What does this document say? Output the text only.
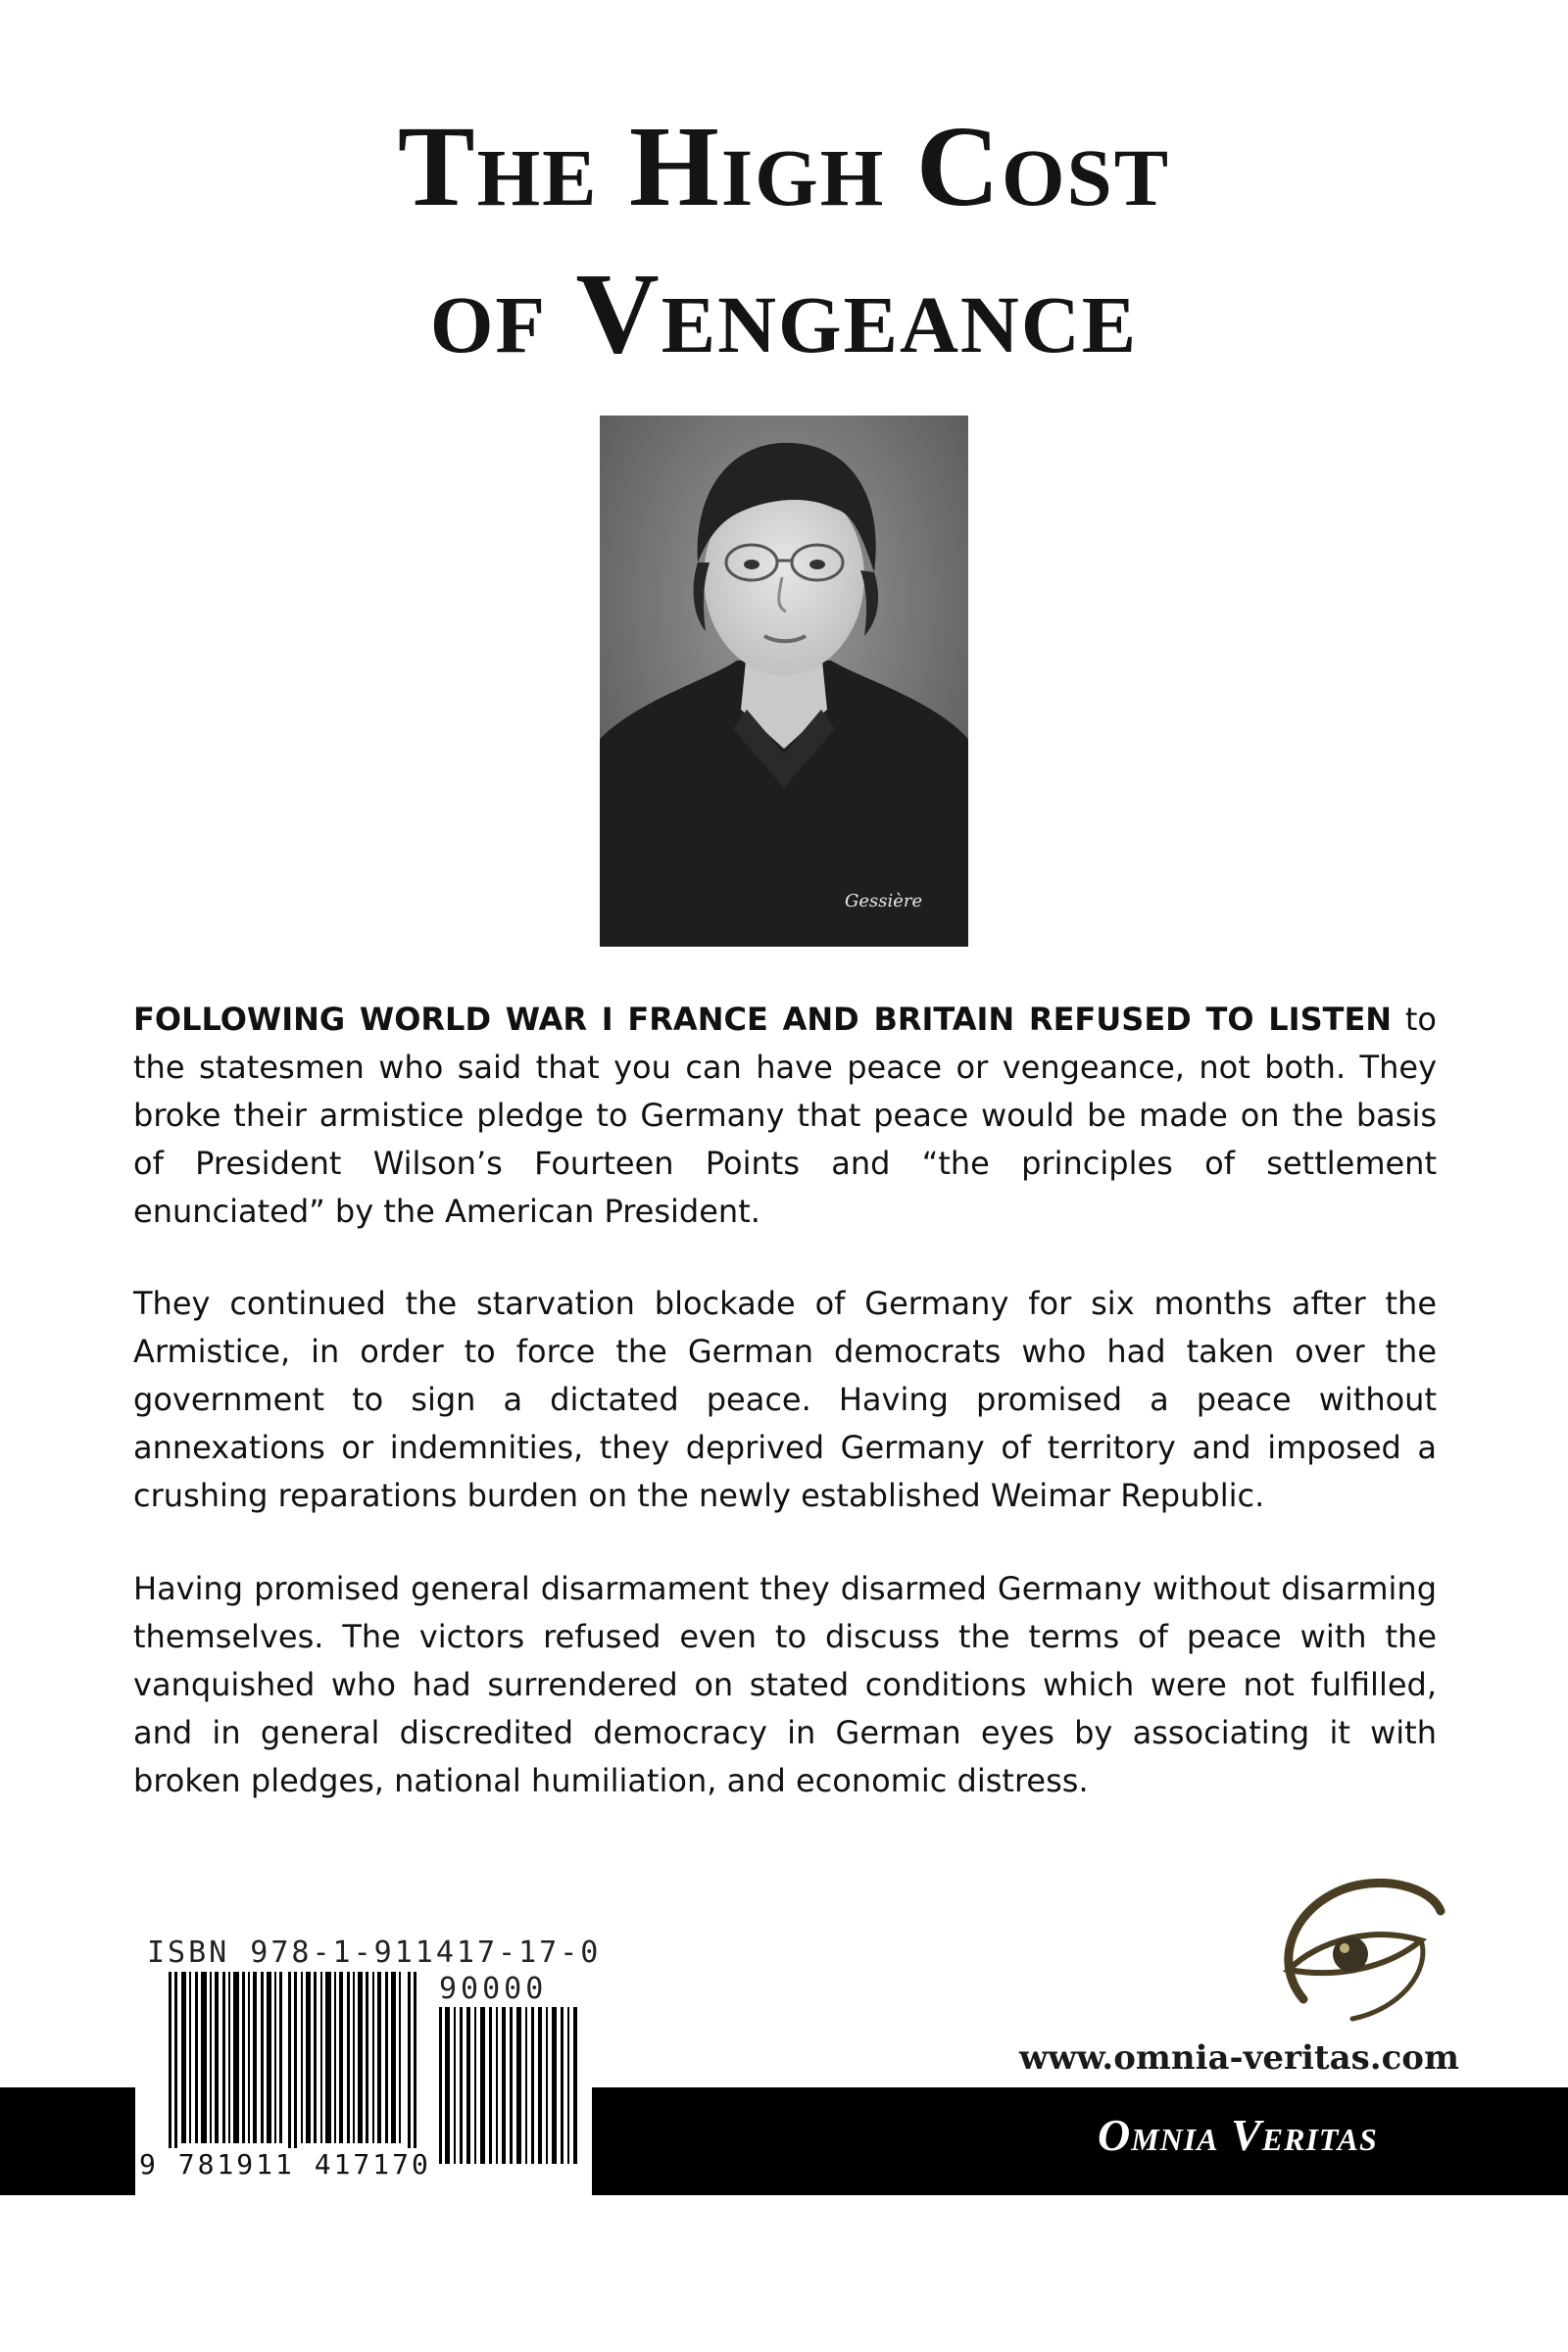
The High Cost
of Vengeance
Gessière

FOLLOWING WORLD WAR I FRANCE AND BRITAIN REFUSED TO LISTEN to the statesmen who said that you can have peace or vengeance, not both. They broke their armistice pledge to Germany that peace would be made on the basis of President Wilson’s Fourteen Points and “the principles of settlement enunciated” by the American President.

They continued the starvation blockade of Germany for six months after the Armistice, in order to force the German democrats who had taken over the government to sign a dictated peace. Having promised a peace without annexations or indemnities, they deprived Germany of territory and imposed a crushing reparations burden on the newly established Weimar Republic.

Having promised general disarmament they disarmed Germany without disarming themselves. The victors refused even to discuss the terms of peace with the vanquished who had surrendered on stated conditions which were not fulfilled, and in general discredited democracy in German eyes by associating it with broken pledges, national humiliation, and economic distress.

ISBN 978-1-911417-17-0
90000
9 781911 417170
www.omnia-veritas.com
Omnia Veritas
